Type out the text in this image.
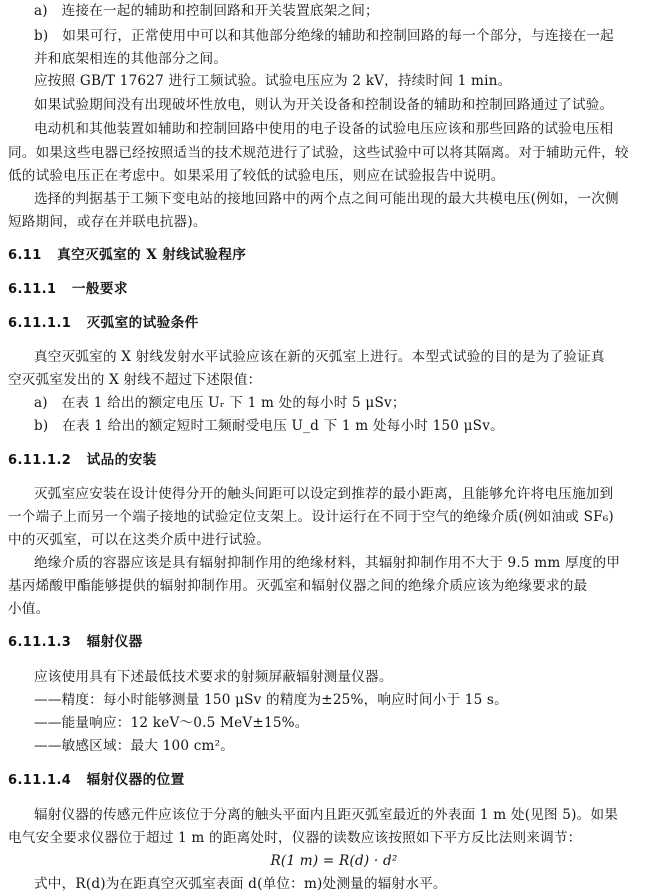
a)　连接在一起的辅助和控制回路和开关装置底架之间；
b)　如果可行，正常使用中可以和其他部分绝缘的辅助和控制回路的每一个部分，与连接在一起
并和底架相连的其他部分之间。
应按照 GB/T 17627 进行工频试验。试验电压应为 2 kV，持续时间 1 min。
如果试验期间没有出现破坏性放电，则认为开关设备和控制设备的辅助和控制回路通过了试验。
电动机和其他装置如辅助和控制回路中使用的电子设备的试验电压应该和那些回路的试验电压相
同。如果这些电器已经按照适当的技术规范进行了试验，这些试验中可以将其隔离。对于辅助元件，较
低的试验电压正在考虑中。如果采用了较低的试验电压，则应在试验报告中说明。
选择的判据基于工频下变电站的接地回路中的两个点之间可能出现的最大共模电压(例如，一次侧
短路期间，或存在并联电抗器)。
6.11 真空灭弧室的 X 射线试验程序
6.11.1 一般要求
6.11.1.1 灭弧室的试验条件
真空灭弧室的 X 射线发射水平试验应该在新的灭弧室上进行。本型式试验的目的是为了验证真
空灭弧室发出的 X 射线不超过下述限值：
a)　在表 1 给出的额定电压 Uᵣ 下 1 m 处的每小时 5 μSv；
b)　在表 1 给出的额定短时工频耐受电压 U_d 下 1 m 处每小时 150 μSv。
6.11.1.2 试品的安装
灭弧室应安装在设计使得分开的触头间距可以设定到推荐的最小距离，且能够允许将电压施加到
一个端子上而另一个端子接地的试验定位支架上。设计运行在不同于空气的绝缘介质(例如油或 SF₆)
中的灭弧室，可以在这类介质中进行试验。
绝缘介质的容器应该是具有辐射抑制作用的绝缘材料，其辐射抑制作用不大于 9.5 mm 厚度的甲
基丙烯酸甲酯能够提供的辐射抑制作用。灭弧室和辐射仪器之间的绝缘介质应该为绝缘要求的最
小值。
6.11.1.3 辐射仪器
应该使用具有下述最低技术要求的射频屏蔽辐射测量仪器。
——精度：每小时能够测量 150 μSv 的精度为±25%，响应时间小于 15 s。
——能量响应：12 keV～0.5 MeV±15%。
——敏感区域：最大 100 cm²。
6.11.1.4 辐射仪器的位置
辐射仪器的传感元件应该位于分离的触头平面内且距灭弧室最近的外表面 1 m 处(见图 5)。如果
电气安全要求仪器位于超过 1 m 的距离处时，仪器的读数应该按照如下平方反比法则来调节：
R(1 m) = R(d) · d²
式中，R(d)为在距真空灭弧室表面 d(单位：m)处测量的辐射水平。
